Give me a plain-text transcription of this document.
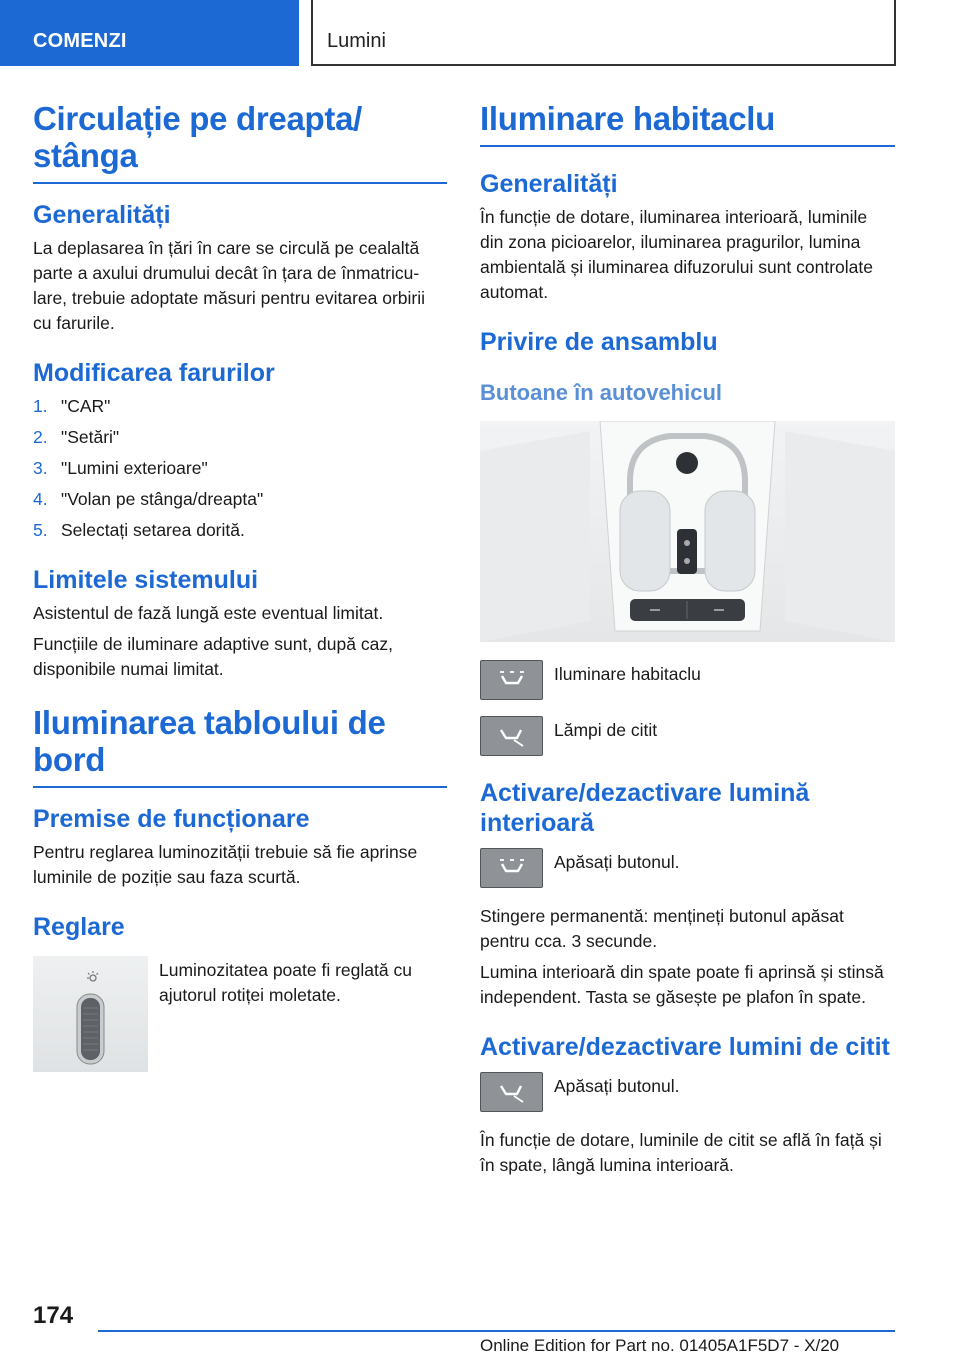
COMENZI	Lumini
Circulație pe dreapta/ stânga
Generalități

La deplasarea în țări în care se circulă pe cealaltă parte a axului drumului decât în țara de înmatriculare, trebuie adoptate măsuri pentru evitarea orbirii cu farurile.

Modificarea farurilor
1. "CAR"
2. "Setări"
3. "Lumini exterioare"
4. "Volan pe stânga/dreapta"
5. Selectați setarea dorită.
Limitele sistemului

Asistentul de fază lungă este eventual limitat.

Funcțiile de iluminare adaptive sunt, după caz, disponibile numai limitat.

Iluminarea tabloului de bord
Premise de funcționare

Pentru reglarea luminozității trebuie să fie aprinse luminile de poziție sau faza scurtă.

Reglare

Luminozitatea poate fi reglată cu ajutorul rotiței moletate.

Iluminare habitaclu
Generalități

În funcție de dotare, iluminarea interioară, luminile din zona picioarelor, iluminarea pragurilor, lumina ambientală și iluminarea difuzorului sunt controlate automat.

Privire de ansamblu
Butoane în autovehicul

Iluminare habitaclu

Lămpi de citit

Activare/dezactivare lumină interioară

Apăsați butonul.

Stingere permanentă: mențineți butonul apăsat pentru cca. 3 secunde.

Lumina interioară din spate poate fi aprinsă și stinsă independent. Tasta se găsește pe plafon în spate.

Activare/dezactivare lumini de citit

Apăsați butonul.

În funcție de dotare, luminile de citit se află în față și în spate, lângă lumina interioară.

174
Online Edition for Part no. 01405A1F5D7 - X/20
